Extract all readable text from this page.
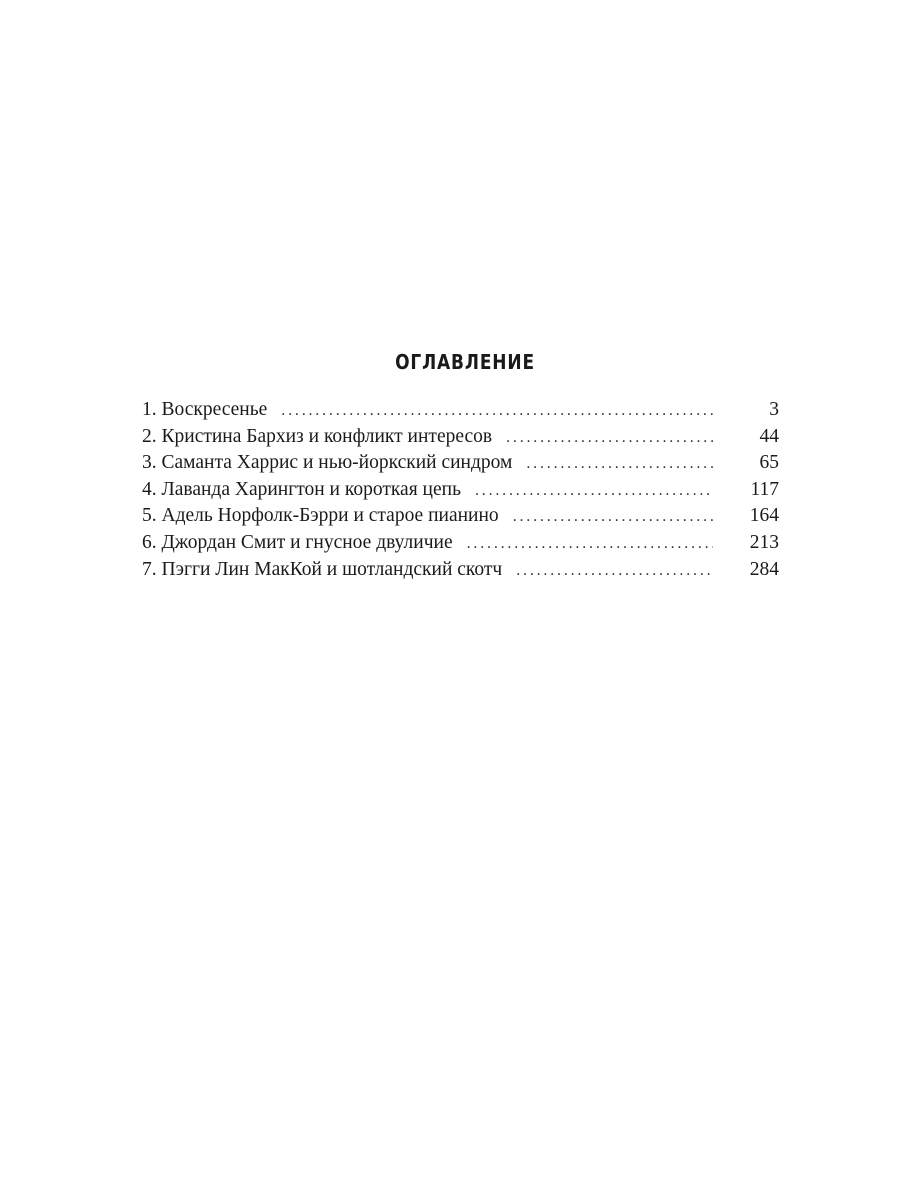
ОГЛАВЛЕНИЕ
1. Воскресенье . . .	3
2. Кристина Бархиз и конфликт интересов . . .	44
3. Саманта Харрис и нью-йоркский синдром . . .	65
4. Лаванда Харингтон и короткая цепь . . .	117
5. Адель Норфолк-Бэрри и старое пианино . . .	164
6. Джордан Смит и гнусное двуличие . . .	213
7. Пэгги Лин МакКой и шотландский скотч . . .	284
